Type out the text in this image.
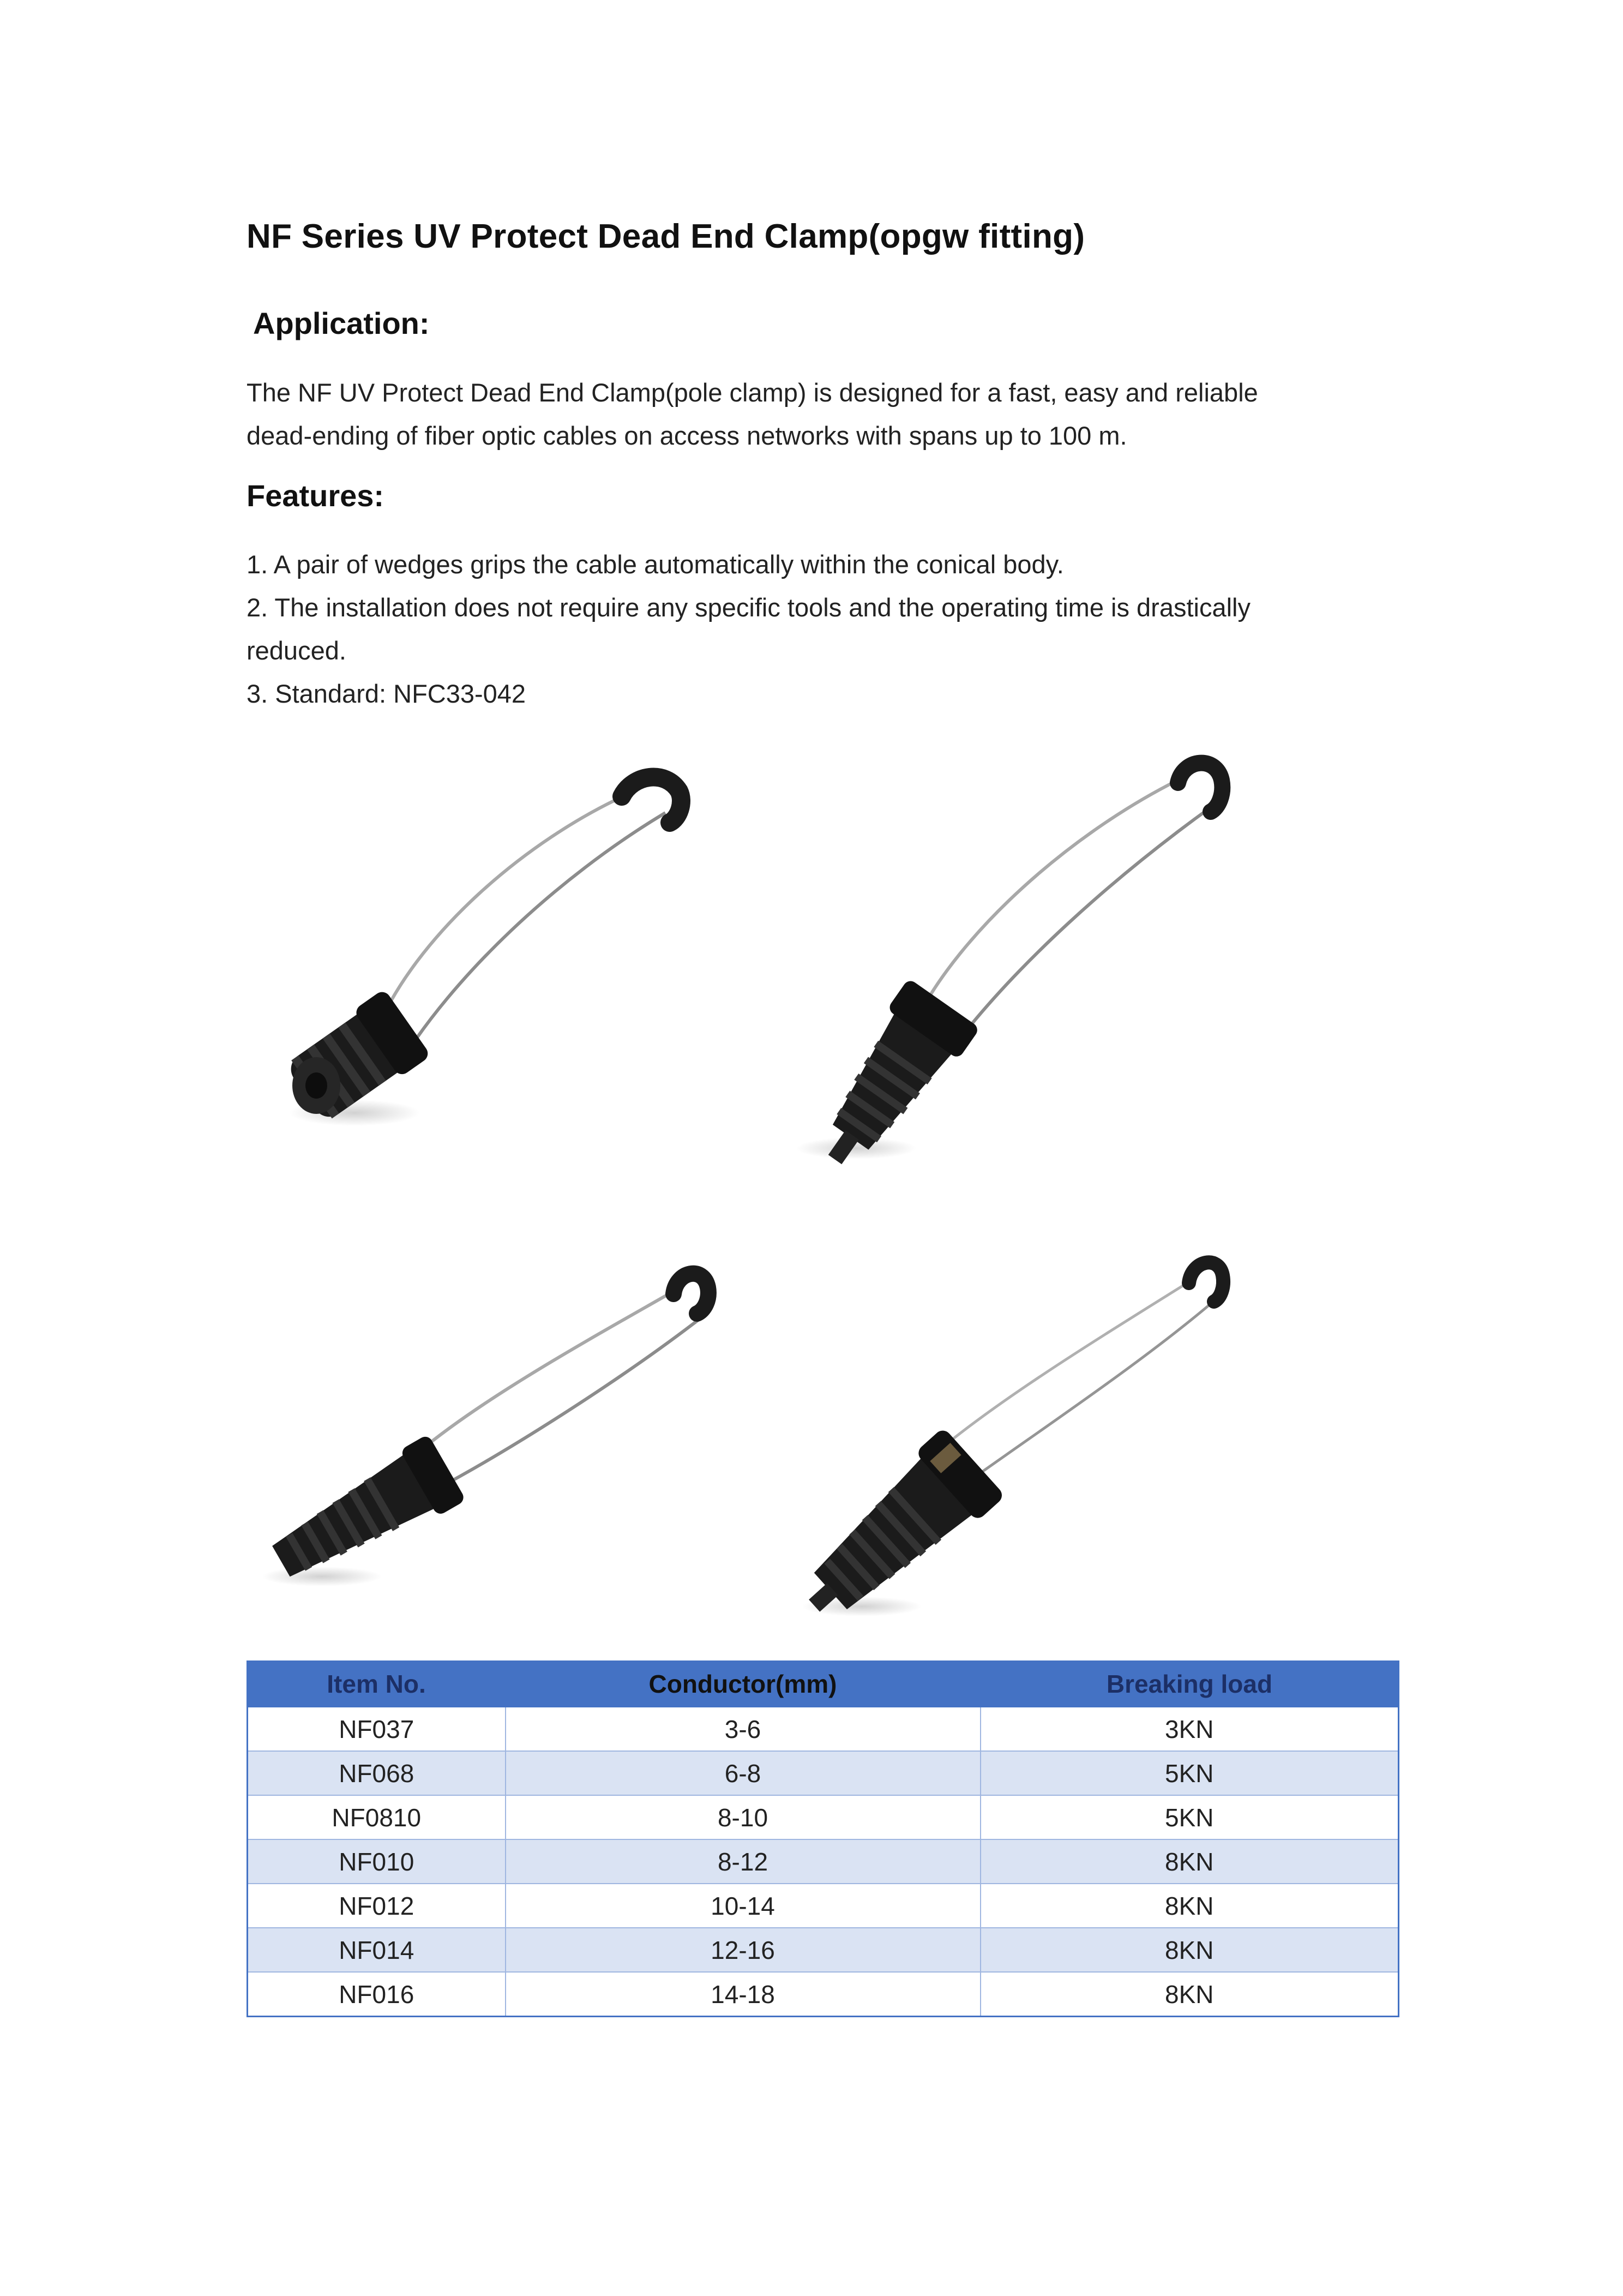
NF Series UV Protect Dead End Clamp(opgw fitting)
Application:

The NF UV Protect Dead End Clamp(pole clamp) is designed for a fast, easy and reliable

dead-ending of fiber optic cables on access networks with spans up to 100 m.

Features:

1. A pair of wedges grips the cable automatically within the conical body.

2. The installation does not require any specific tools and the operating time is drastically

reduced.

3. Standard: NFC33-042

Item No.	Conductor(mm)	Breaking load
NF037	3-6	3KN
NF068	6-8	5KN
NF0810	8-10	5KN
NF010	8-12	8KN
NF012	10-14	8KN
NF014	12-16	8KN
NF016	14-18	8KN
